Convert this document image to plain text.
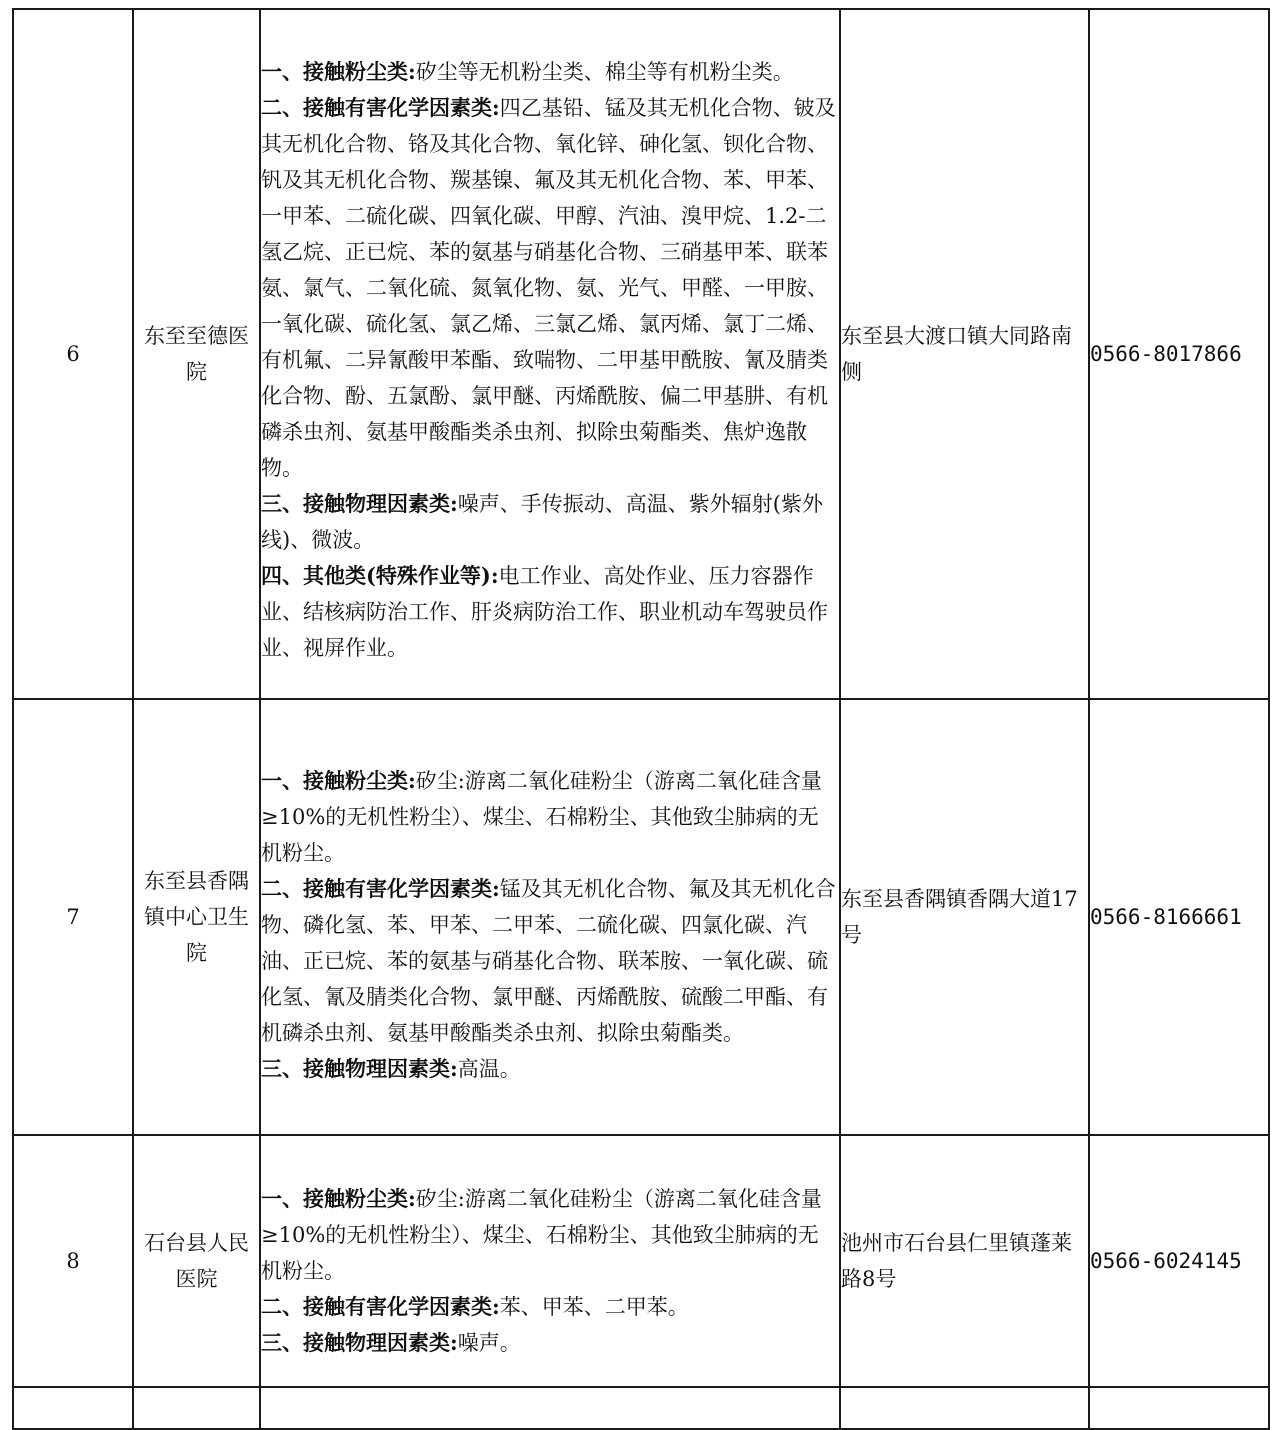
6	东至至德医院	一、接触粉尘类:矽尘等无机粉尘类、棉尘等有机粉尘类。
二、接触有害化学因素类:四乙基铅、锰及其无机化合物、铍及其无机化合物、铬及其化合物、氧化锌、砷化氢、钡化合物、钒及其无机化合物、羰基镍、氟及其无机化合物、苯、甲苯、一甲苯、二硫化碳、四氧化碳、甲醇、汽油、溴甲烷、1.2-二氢乙烷、正已烷、苯的氨基与硝基化合物、三硝基甲苯、联苯氨、氯气、二氧化硫、氮氧化物、氨、光气、甲醛、一甲胺、一氧化碳、硫化氢、氯乙烯、三氯乙烯、氯丙烯、氯丁二烯、有机氟、二异氰酸甲苯酯、致喘物、二甲基甲酰胺、氰及腈类化合物、酚、五氯酚、氯甲醚、丙烯酰胺、偏二甲基肼、有机磷杀虫剂、氨基甲酸酯类杀虫剂、拟除虫菊酯类、焦炉逸散物。
三、接触物理因素类:噪声、手传振动、高温、紫外辐射(紫外线)、微波。
四、其他类(特殊作业等):电工作业、高处作业、压力容器作业、结核病防治工作、肝炎病防治工作、职业机动车驾驶员作业、视屏作业。	东至县大渡口镇大同路南侧	0566-8017866
7	东至县香隅镇中心卫生院	一、接触粉尘类:矽尘:游离二氧化硅粉尘（游离二氧化硅含量≥10%的无机性粉尘）、煤尘、石棉粉尘、其他致尘肺病的无机粉尘。
二、接触有害化学因素类:锰及其无机化合物、氟及其无机化合物、磷化氢、苯、甲苯、二甲苯、二硫化碳、四氯化碳、汽油、正已烷、苯的氨基与硝基化合物、联苯胺、一氧化碳、硫化氢、氰及腈类化合物、氯甲醚、丙烯酰胺、硫酸二甲酯、有机磷杀虫剂、氨基甲酸酯类杀虫剂、拟除虫菊酯类。
三、接触物理因素类:高温。	东至县香隅镇香隅大道17号	0566-8166661
8	石台县人民医院	一、接触粉尘类:矽尘:游离二氧化硅粉尘（游离二氧化硅含量≥10%的无机性粉尘）、煤尘、石棉粉尘、其他致尘肺病的无机粉尘。
二、接触有害化学因素类:苯、甲苯、二甲苯。
三、接触物理因素类:噪声。	池州市石台县仁里镇蓬莱路8号	0566-6024145
